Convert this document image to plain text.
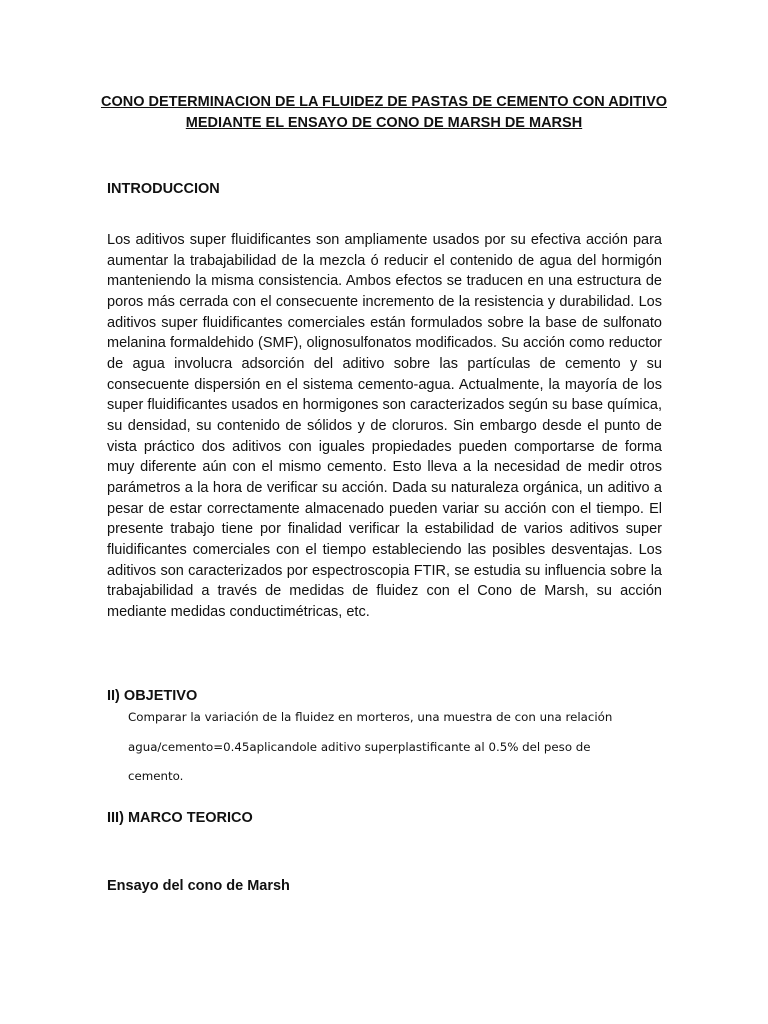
CONO DETERMINACION DE LA FLUIDEZ DE PASTAS DE CEMENTO CON ADITIVO MEDIANTE EL ENSAYO DE CONO DE MARSH DE MARSH
INTRODUCCION

Los aditivos super fluidificantes son ampliamente usados por su efectiva acción para aumentar la trabajabilidad de la mezcla ó reducir el contenido de agua del hormigón manteniendo la misma consistencia. Ambos efectos se traducen en una estructura de poros más cerrada con el consecuente incremento de la resistencia y durabilidad. Los aditivos super fluidificantes comerciales están formulados sobre la base de sulfonato melanina formaldehido (SMF), olignosulfonatos modificados. Su acción como reductor de agua involucra adsorción del aditivo sobre las partículas de cemento y su consecuente dispersión en el sistema cemento-agua. Actualmente, la mayoría de los super fluidificantes usados en hormigones son caracterizados según su base química, su densidad, su contenido de sólidos y de cloruros. Sin embargo desde el punto de vista práctico dos aditivos con iguales propiedades pueden comportarse de forma muy diferente aún con el mismo cemento. Esto lleva a la necesidad de medir otros parámetros a la hora de verificar su acción. Dada su naturaleza orgánica, un aditivo a pesar de estar correctamente almacenado pueden variar su acción con el tiempo. El presente trabajo tiene por finalidad verificar la estabilidad de varios aditivos super fluidificantes comerciales con el tiempo estableciendo las posibles desventajas. Los aditivos son caracterizados por espectroscopia FTIR, se estudia su influencia sobre la trabajabilidad a través de medidas de fluidez con el Cono de Marsh, su acción mediante medidas conductimétricas, etc.

II) OBJETIVO

Comparar la variación de la fluidez en morteros, una muestra de con una relación agua/cemento=0.45aplicandole aditivo superplastificante al 0.5% del peso de cemento.

III) MARCO TEORICO
Ensayo del cono de Marsh
